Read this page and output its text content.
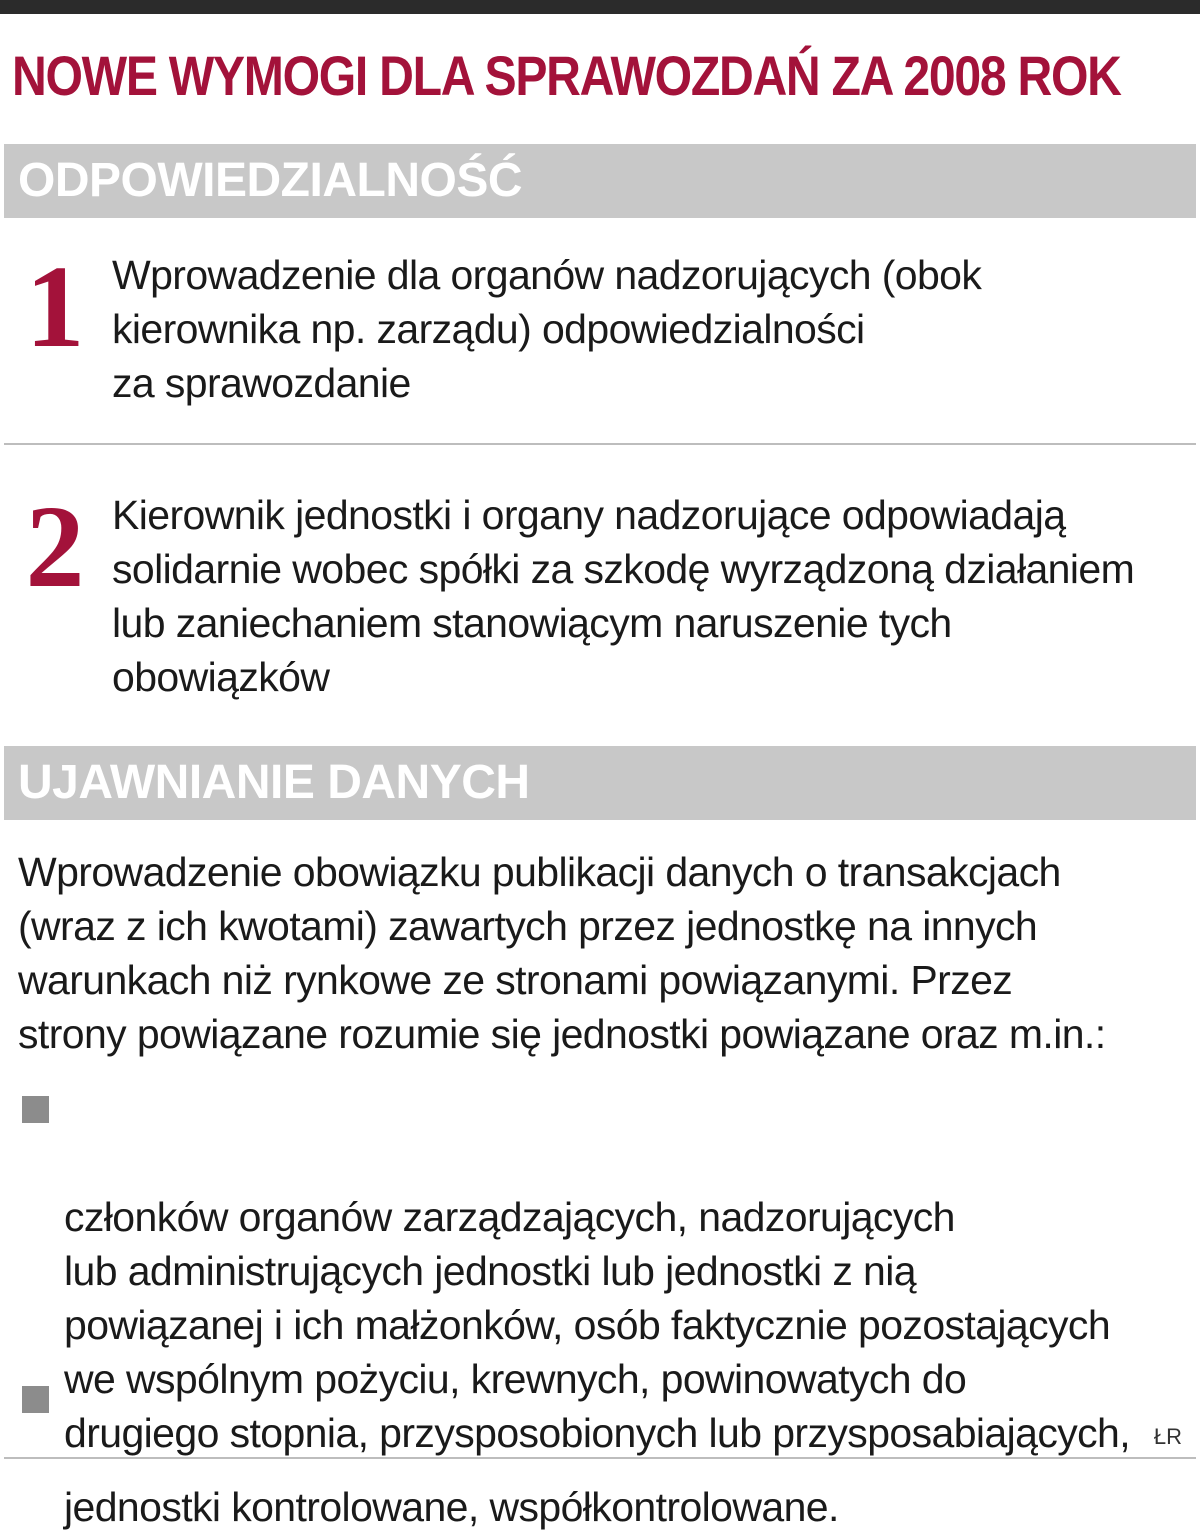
NOWE WYMOGI DLA SPRAWOZDAŃ ZA 2008 ROK
ODPOWIEDZIALNOŚĆ
1 Wprowadzenie dla organów nadzorujących (obok
kierownika np. zarządu) odpowiedzialności
za sprawozdanie
2 Kierownik jednostki i organy nadzorujące odpowiadają
solidarnie wobec spółki za szkodę wyrządzoną działaniem
lub zaniechaniem stanowiącym naruszenie tych
obowiązków
UJAWNIANIE DANYCH
Wprowadzenie obowiązku publikacji danych o transakcjach
(wraz z ich kwotami) zawartych przez jednostkę na innych
warunkach niż rynkowe ze stronami powiązanymi. Przez
strony powiązane rozumie się jednostki powiązane oraz m.in.:

członków organów zarządzających, nadzorujących
lub administrujących jednostki lub jednostki z nią
powiązanej i ich małżonków, osób faktycznie pozostających
we wspólnym pożyciu, krewnych, powinowatych do
drugiego stopnia, przysposobionych lub przysposabiających,

jednostki kontrolowane, współkontrolowane.

ŁR
